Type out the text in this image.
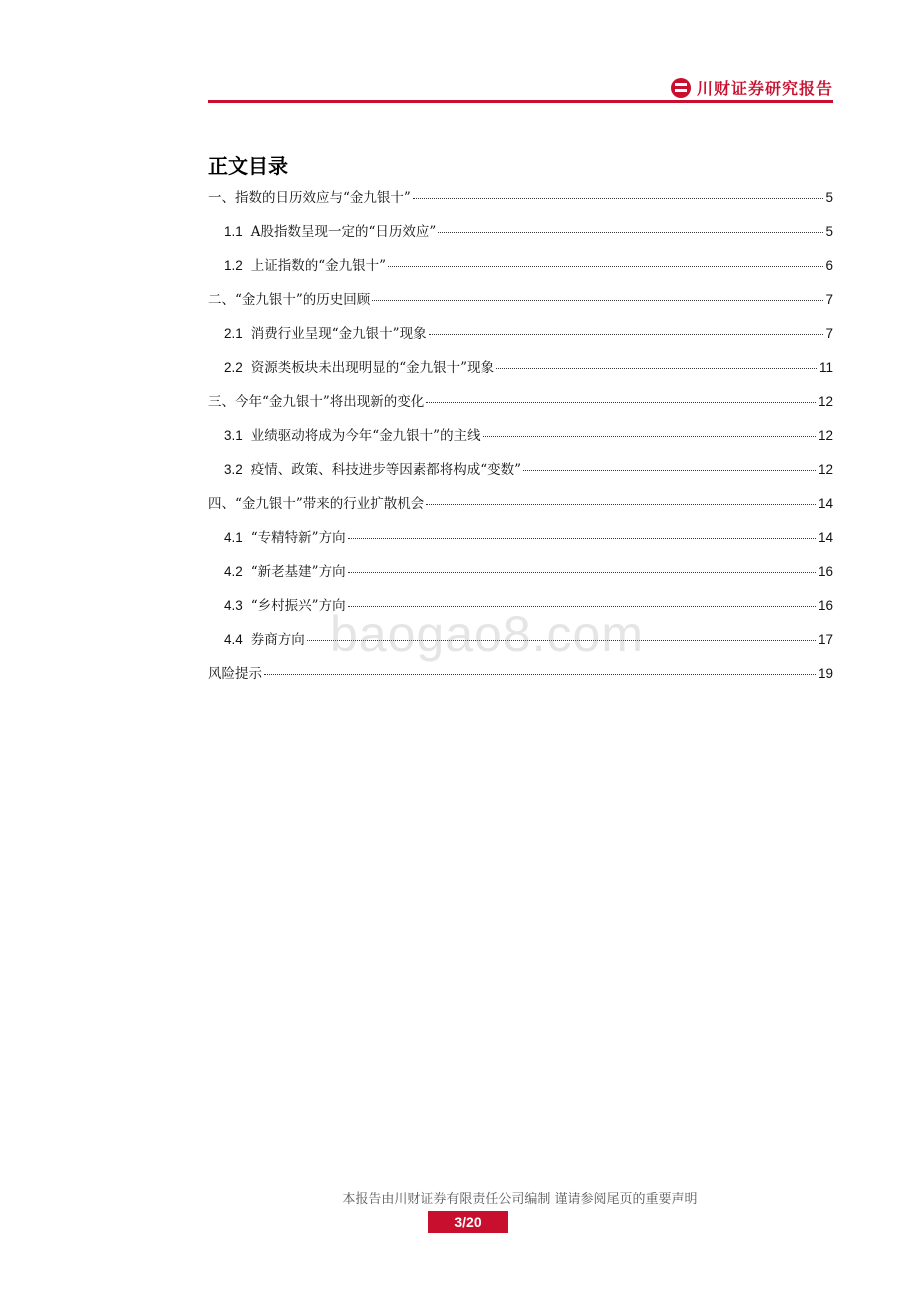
川财证券研究报告
正文目录
一、指数的日历效应与“金九银十”	5
1.1 A股指数呈现一定的“日历效应”	5
1.2 上证指数的“金九银十”	6
二、“金九银十”的历史回顾	7
2.1 消费行业呈现“金九银十”现象	7
2.2 资源类板块未出现明显的“金九银十”现象	11
三、今年“金九银十”将出现新的变化	12
3.1 业绩驱动将成为今年“金九银十”的主线	12
3.2 疫情、政策、科技进步等因素都将构成“变数”	12
四、“金九银十”带来的行业扩散机会	14
4.1 “专精特新”方向	14
4.2 “新老基建”方向	16
4.3 “乡村振兴”方向	16
4.4 券商方向	17
风险提示	19
baogao8.com
本报告由川财证券有限责任公司编制 谨请参阅尾页的重要声明
3/20
